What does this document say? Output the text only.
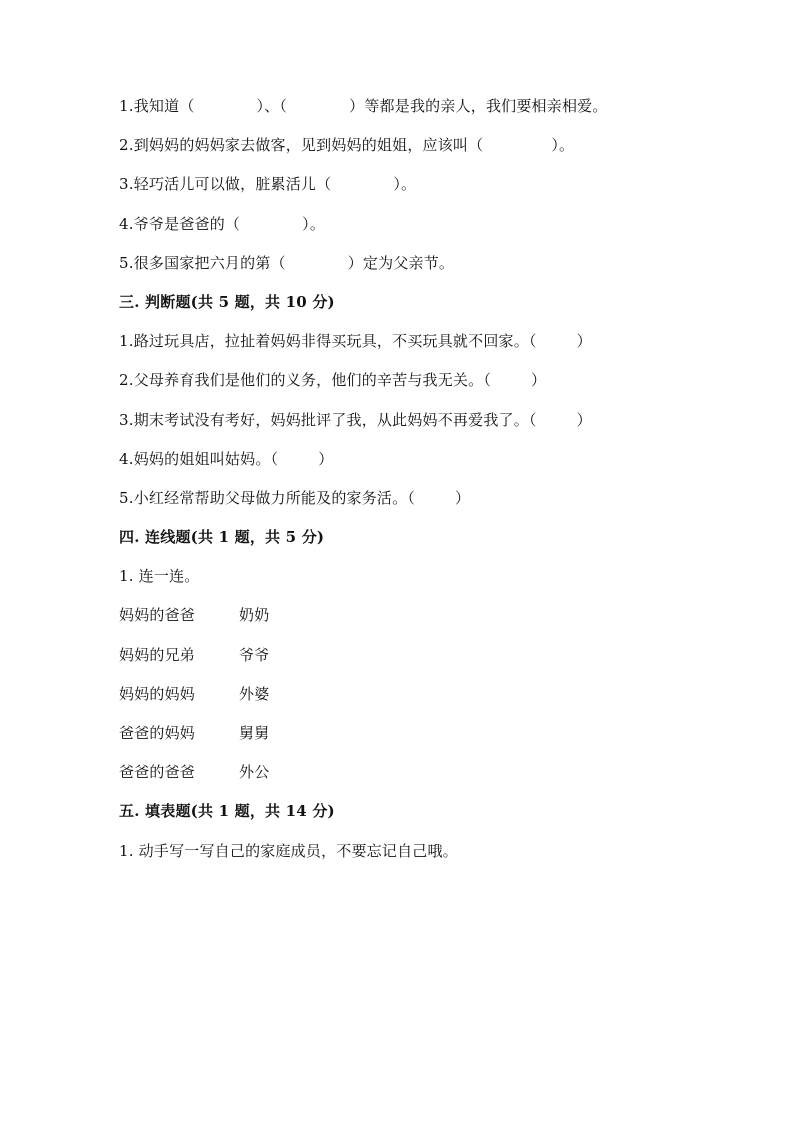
1.我知道（	）、（	）等都是我的亲人，我们要相亲相爱。
2.到妈妈的妈妈家去做客，见到妈妈的姐姐，应该叫（	）。
3.轻巧活儿可以做，脏累活儿（	）。
4.爷爷是爸爸的（	）。
5.很多国家把六月的第（	）定为父亲节。
三. 判断题(共 5 题，共 10 分)
1.路过玩具店，拉扯着妈妈非得买玩具，不买玩具就不回家。（	）
2.父母养育我们是他们的义务，他们的辛苦与我无关。（	）
3.期末考试没有考好，妈妈批评了我，从此妈妈不再爱我了。（	）
4.妈妈的姐姐叫姑妈。（	）
5.小红经常帮助父母做力所能及的家务活。（	）
四. 连线题(共 1 题，共 5 分)
1. 连一连。
妈妈的爸爸	奶奶
妈妈的兄弟	爷爷
妈妈的妈妈	外婆
爸爸的妈妈	舅舅
爸爸的爸爸	外公
五. 填表题(共 1 题，共 14 分)
1. 动手写一写自己的家庭成员，不要忘记自己哦。
